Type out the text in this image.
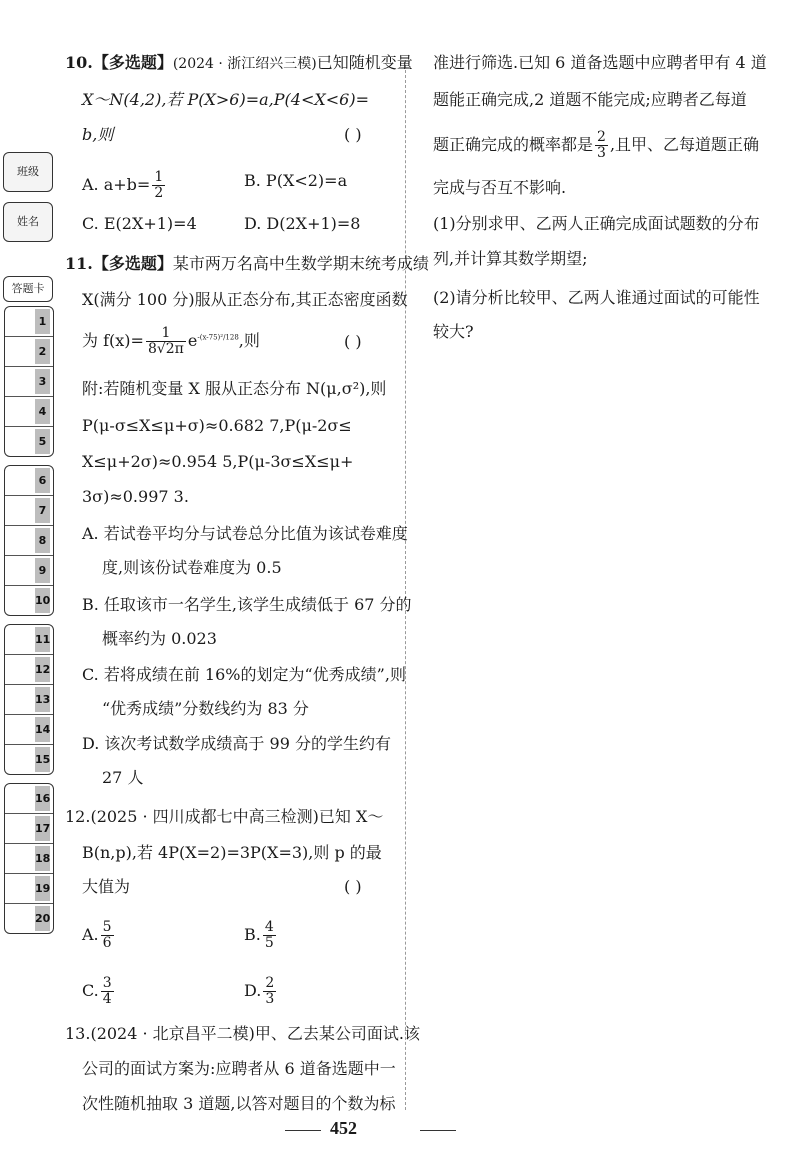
班级
姓名
答题卡
1
2
3
4
5
6
7
8
9
10
11
12
13
14
15
16
17
18
19
20
10.【多选题】(2024 · 浙江绍兴三模)已知随机变量
X～N(4,2),若 P(X>6)=a,P(4<X<6)=
b,则	( )
A. $a+b= \frac{1}{2}$	B. P(X<2)=a
C. E(2X+1)=4	D. D(2X+1)=8
11.【多选题】某市两万名高中生数学期末统考成绩
X(满分 100 分)服从正态分布,其正态密度函数
为 $f(x)= \frac{1}{8√2\pi} e^{-(x-75)^2/128}$,则	( )
附:若随机变量 X 服从正态分布 N(μ,σ²),则
P(μ-σ≤X≤μ+σ)≈0.682 7,P(μ-2σ≤
X≤μ+2σ)≈0.954 5,P(μ-3σ≤X≤μ+
3σ)≈0.997 3.
A. 若试卷平均分与试卷总分比值为该试卷难度
度,则该份试卷难度为 0.5
B. 任取该市一名学生,该学生成绩低于 67 分的
概率约为 0.023
C. 若将成绩在前 16%的划定为“优秀成绩”,则
“优秀成绩”分数线约为 83 分
D. 该次考试数学成绩高于 99 分的学生约有
27 人
12.(2025 · 四川成都七中高三检测)已知 X～
B(n,p),若 4P(X=2)=3P(X=3),则 p 的最
大值为	( )
A. $\frac{5}{6}$	B. $\frac{4}{5}$
C. $\frac{3}{4}$	D. $\frac{2}{3}$
13.(2024 · 北京昌平二模)甲、乙去某公司面试.该
公司的面试方案为:应聘者从 6 道备选题中一
次性随机抽取 3 道题,以答对题目的个数为标
准进行筛选.已知 6 道备选题中应聘者甲有 4 道
题能正确完成,2 道题不能完成;应聘者乙每道
题正确完成的概率都是 $\frac{2}{3}$ ,且甲、乙每道题正确
完成与否互不影响.
(1)分别求甲、乙两人正确完成面试题数的分布
列,并计算其数学期望;
(2)请分析比较甲、乙两人谁通过面试的可能性
较大?
452
